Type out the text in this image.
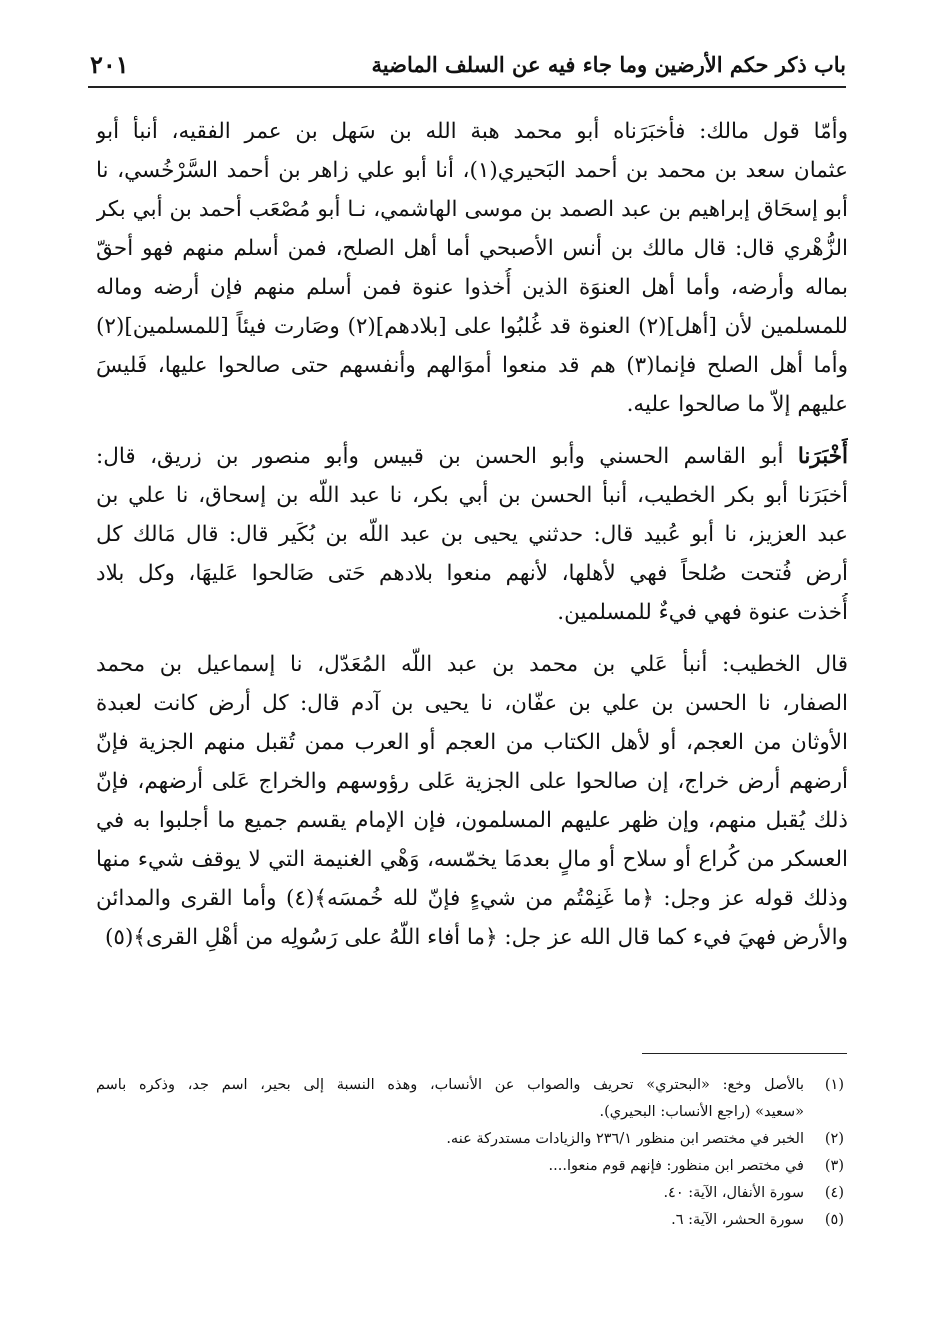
باب ذكر حكم الأرضين وما جاء فيه عن السلف الماضية
٢٠١

وأمّا قول مالك: فأخبَرَناه أبو محمد هبة الله بن سَهل بن عمر الفقيه، أنبأ أبو
عثمان سعد بن محمد بن أحمد البَحيري(١)، أنا أبو علي زاهر بن أحمد السَّرْخُسي، نا
أبو إسحَاق إبراهيم بن عبد الصمد بن موسى الهاشمي، نـا أبو مُصْعَب أحمد بن أبي بكر
الزُّهْري قال: قال مالك بن أنس الأصبحي أما أهل الصلح، فمن أسلم منهم فهو أحقّ
بماله وأرضه، وأما أهل العنوَة الذين أُخذوا عنوة فمن أسلم منهم فإن أرضه وماله
للمسلمين لأن [أهل](٢) العنوة قد غُلبُوا على [بلادهم](٢) وصَارت فيئاً [للمسلمين](٢)
وأما أهل الصلح فإنما(٣) هم قد منعوا أموَالهم وأنفسهم حتى صالحوا عليها، فَليسَ
عليهم إلاّ ما صالحوا عليه.

أَخْبَرَنا أبو القاسم الحسني وأبو الحسن بن قبيس وأبو منصور بن زريق، قال:
أخبَرَنا أبو بكر الخطيب، أنبأ الحسن بن أبي بكر، نا عبد اللّه بن إسحاق، نا علي بن
عبد العزيز، نا أبو عُبيد قال: حدثني يحيى بن عبد اللّه بن بُكَير قال: قال مَالك كل
أرض فُتحت صُلحاً فهي لأهلها، لأنهم منعوا بلادهم حَتى صَالحوا عَليهَا، وكل بلاد
أُخذت عنوة فهي فيءٌ للمسلمين.

قال الخطيب: أنبأ عَلي بن محمد بن عبد اللّه المُعَدّل، نا إسماعيل بن محمد
الصفار، نا الحسن بن علي بن عفّان، نا يحيى بن آدم قال: كل أرض كانت لعبدة
الأوثان من العجم، أو لأهل الكتاب من العجم أو العرب ممن تُقبل منهم الجزية فإنّ
أرضهم أرض خراج، إن صالحوا على الجزية عَلى رؤوسهم والخراج عَلى أرضهم، فإنّ
ذلك يُقبل منهم، وإن ظهر عليهم المسلمون، فإن الإمام يقسم جميع ما أجلبوا به في
العسكر من كُراع أو سلاح أو مالٍ بعدمَا يخمّسه، وَهْي الغنيمة التي لا يوقف شيء منها
وذلك قوله عز وجل: ﴿ما غَنِمْتُم من شيءٍ فإنّ لله خُمسَه﴾(٤) وأما القرى والمدائن
والأرض فهيَ فيء كما قال الله عز جل: ﴿ما أفاء اللّهُ على رَسُولِه من أهْلِ القرى﴾(٥)

(١)
بالأصل وخع: «البحتري» تحريف والصواب عن الأنساب، وهذه النسبة إلى بحير، اسم جد، وذكره باسم
«سعيد» (راجع الأنساب: البحيري).
(٢)
الخبر في مختصر ابن منظور ٢٣٦/١ والزيادات مستدركة عنه.
(٣)
في مختصر ابن منظور: فإنهم قوم منعوا....
(٤)
سورة الأنفال، الآية: ٤٠.
(٥)
سورة الحشر، الآية: ٦.
